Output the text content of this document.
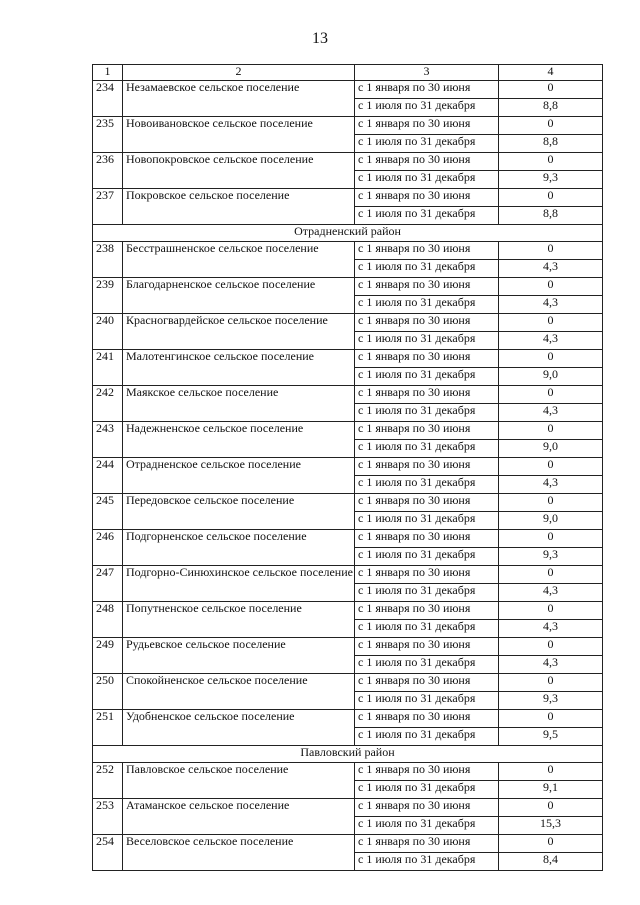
13
1	2	3	4
234	Незамаевское сельское поселение	с 1 января по 30 июня	0
		с 1 июля по 31 декабря	8,8
235	Новоивановское сельское поселение	с 1 января по 30 июня	0
		с 1 июля по 31 декабря	8,8
236	Новопокровское сельское поселение	с 1 января по 30 июня	0
		с 1 июля по 31 декабря	9,3
237	Покровское сельское поселение	с 1 января по 30 июня	0
		с 1 июля по 31 декабря	8,8
Отрадненский район			
238	Бесстрашненское сельское поселение	с 1 января по 30 июня	0
		с 1 июля по 31 декабря	4,3
239	Благодарненское сельское поселение	с 1 января по 30 июня	0
		с 1 июля по 31 декабря	4,3
240	Красногвардейское сельское поселение	с 1 января по 30 июня	0
		с 1 июля по 31 декабря	4,3
241	Малотенгинское сельское поселение	с 1 января по 30 июня	0
		с 1 июля по 31 декабря	9,0
242	Маякское сельское поселение	с 1 января по 30 июня	0
		с 1 июля по 31 декабря	4,3
243	Надежненское сельское поселение	с 1 января по 30 июня	0
		с 1 июля по 31 декабря	9,0
244	Отрадненское сельское поселение	с 1 января по 30 июня	0
		с 1 июля по 31 декабря	4,3
245	Передовское сельское поселение	с 1 января по 30 июня	0
		с 1 июля по 31 декабря	9,0
246	Подгорненское сельское поселение	с 1 января по 30 июня	0
		с 1 июля по 31 декабря	9,3
247	Подгорно-Синюхинское сельское поселение	с 1 января по 30 июня	0
		с 1 июля по 31 декабря	4,3
248	Попутненское сельское поселение	с 1 января по 30 июня	0
		с 1 июля по 31 декабря	4,3
249	Рудьевское сельское поселение	с 1 января по 30 июня	0
		с 1 июля по 31 декабря	4,3
250	Спокойненское сельское поселение	с 1 января по 30 июня	0
		с 1 июля по 31 декабря	9,3
251	Удобненское сельское поселение	с 1 января по 30 июня	0
		с 1 июля по 31 декабря	9,5
Павловский район			
252	Павловское сельское поселение	с 1 января по 30 июня	0
		с 1 июля по 31 декабря	9,1
253	Атаманское сельское поселение	с 1 января по 30 июня	0
		с 1 июля по 31 декабря	15,3
254	Веселовское сельское поселение	с 1 января по 30 июня	0
		с 1 июля по 31 декабря	8,4
